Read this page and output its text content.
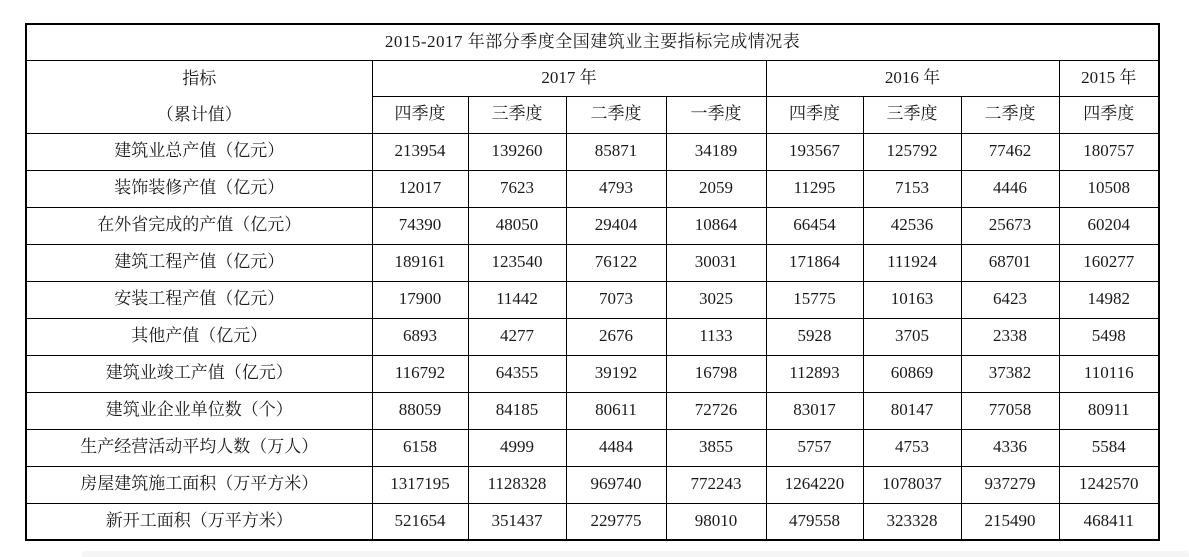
2015-2017 年部分季度全国建筑业主要指标完成情况表								

指标
（累计值）	2017 年				2016 年			2015 年
	四季度	三季度	二季度	一季度	四季度	三季度	二季度	四季度
建筑业总产值（亿元）	213954	139260	85871	34189	193567	125792	77462	180757
装饰装修产值（亿元）	12017	7623	4793	2059	11295	7153	4446	10508
在外省完成的产值（亿元）	74390	48050	29404	10864	66454	42536	25673	60204
建筑工程产值（亿元）	189161	123540	76122	30031	171864	111924	68701	160277
安装工程产值（亿元）	17900	11442	7073	3025	15775	10163	6423	14982
其他产值（亿元）	6893	4277	2676	1133	5928	3705	2338	5498
建筑业竣工产值（亿元）	116792	64355	39192	16798	112893	60869	37382	110116
建筑业企业单位数（个）	88059	84185	80611	72726	83017	80147	77058	80911
生产经营活动平均人数（万人）	6158	4999	4484	3855	5757	4753	4336	5584
房屋建筑施工面积（万平方米）	1317195	1128328	969740	772243	1264220	1078037	937279	1242570
新开工面积（万平方米）	521654	351437	229775	98010	479558	323328	215490	468411
